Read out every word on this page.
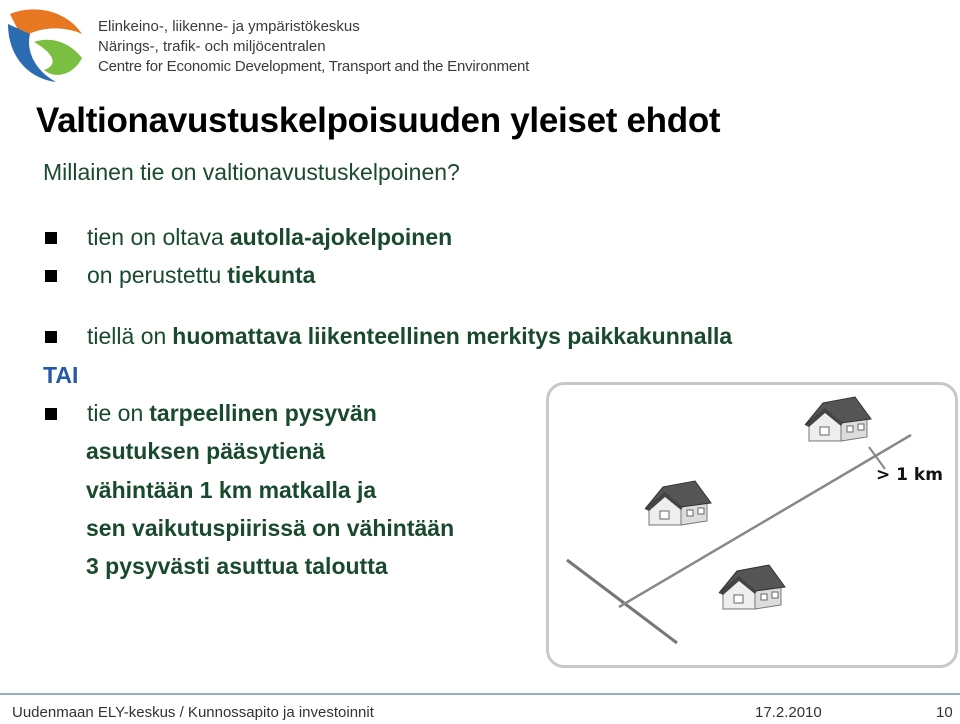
Elinkeino-, liikenne- ja ympäristökeskus
Närings-, trafik- och miljöcentralen
Centre for Economic Development, Transport and the Environment
Valtionavustuskelpoisuuden yleiset ehdot
Millainen tie on valtionavustuskelpoinen?
tien on oltava autolla-ajokelpoinen
on perustettu tiekunta
tiellä on huomattava liikenteellinen merkitys paikkakunnalla
TAI
tie on tarpeellinen pysyvän
asutuksen pääsytienä
vähintään 1 km matkalla ja
sen vaikutuspiirissä on vähintään
3 pysyvästi asuttua taloutta
> 1 km
Uudenmaan ELY-keskus / Kunnossapito ja investoinnit	17.2.2010	10
